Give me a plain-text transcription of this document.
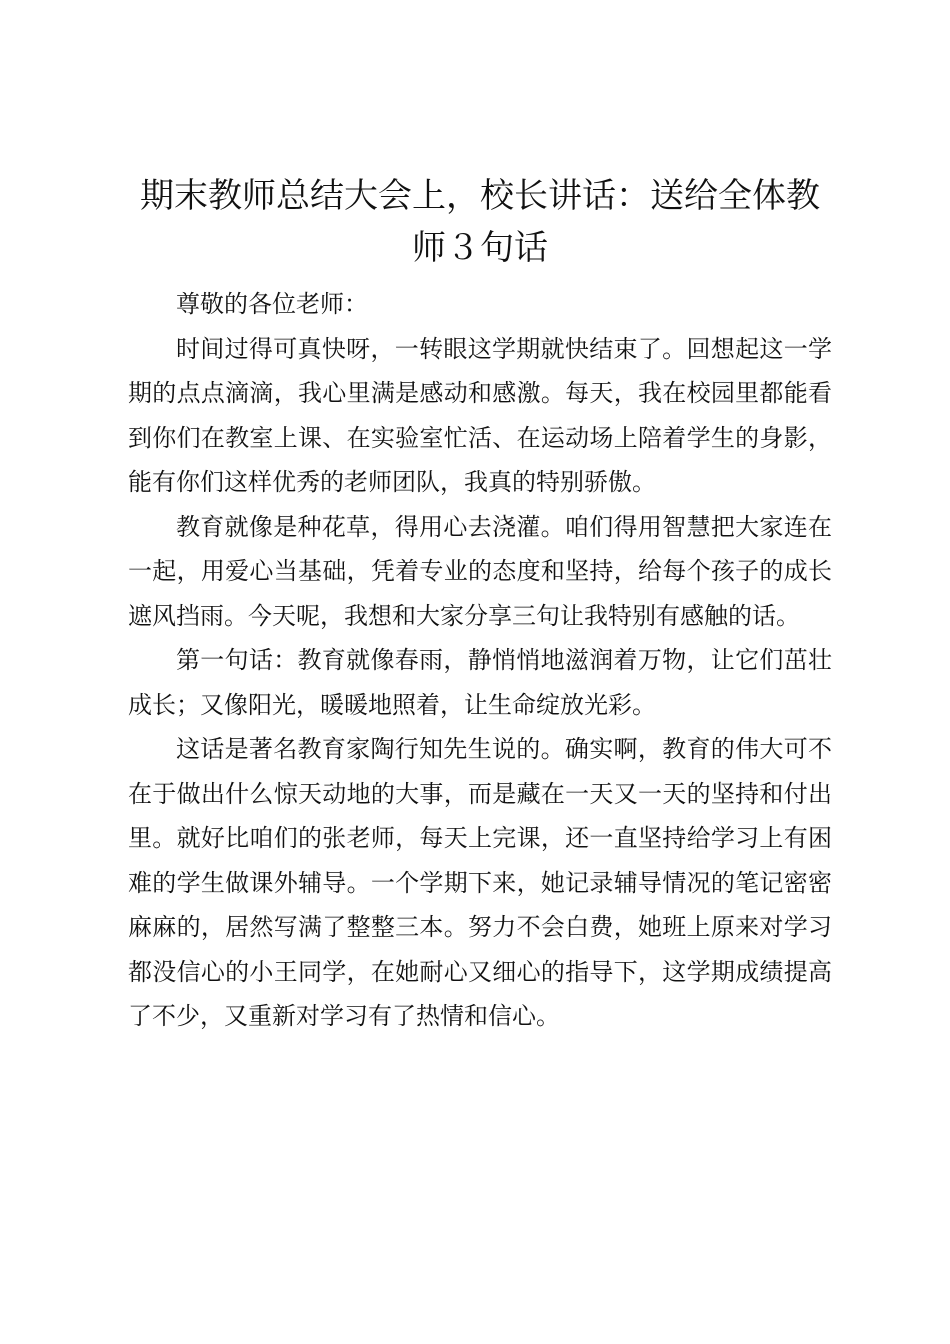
期末教师总结大会上，校长讲话：送给全体教师３句话

尊敬的各位老师：

时间过得可真快呀，一转眼这学期就快结束了。回想起这一学期的点点滴滴，我心里满是感动和感激。每天，我在校园里都能看到你们在教室上课、在实验室忙活、在运动场上陪着学生的身影，能有你们这样优秀的老师团队，我真的特别骄傲。

教育就像是种花草，得用心去浇灌。咱们得用智慧把大家连在一起，用爱心当基础，凭着专业的态度和坚持，给每个孩子的成长遮风挡雨。今天呢，我想和大家分享三句让我特别有感触的话。

第一句话：教育就像春雨，静悄悄地滋润着万物，让它们茁壮成长；又像阳光，暖暖地照着，让生命绽放光彩。

这话是著名教育家陶行知先生说的。确实啊，教育的伟大可不在于做出什么惊天动地的大事，而是藏在一天又一天的坚持和付出里。就好比咱们的张老师，每天上完课，还一直坚持给学习上有困难的学生做课外辅导。一个学期下来，她记录辅导情况的笔记密密麻麻的，居然写满了整整三本。努力不会白费，她班上原来对学习都没信心的小王同学，在她耐心又细心的指导下，这学期成绩提高了不少，又重新对学习有了热情和信心。
